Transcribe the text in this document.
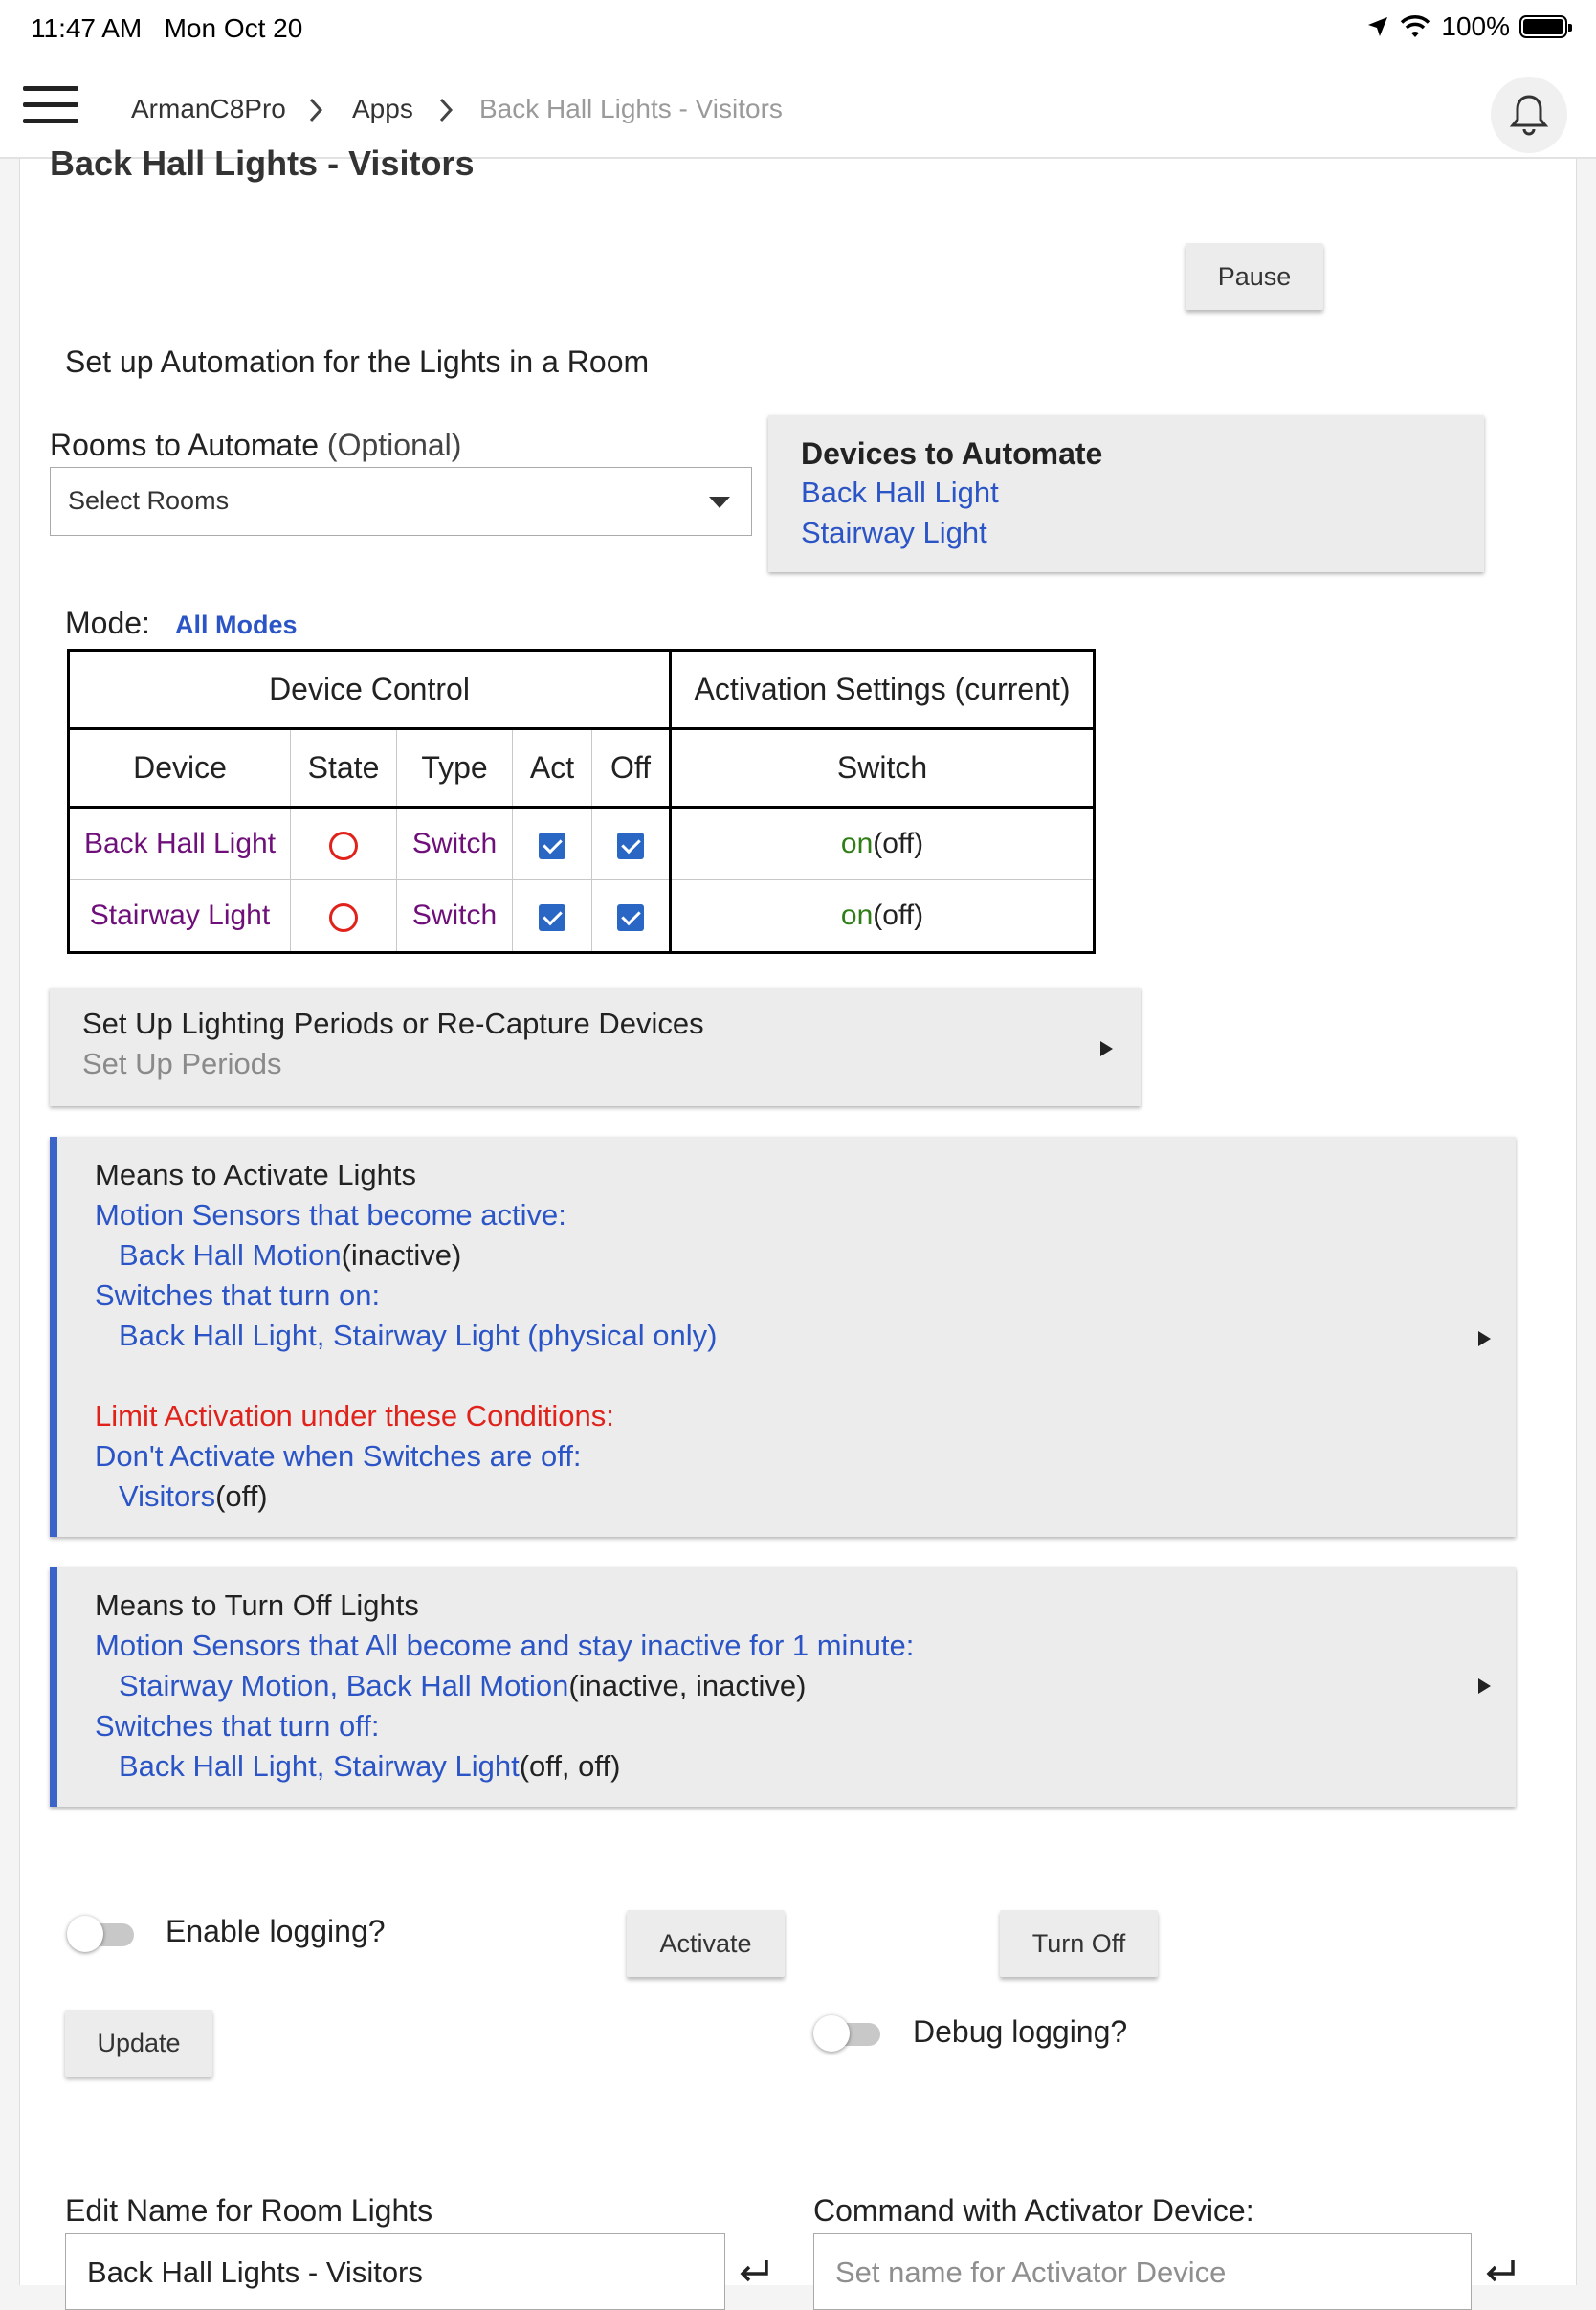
11:47 AM Mon Oct 20	100%
ArmanC8Pro Apps Back Hall Lights - Visitors
Back Hall Lights - Visitors
Pause
Set up Automation for the Lights in a Room
Rooms to Automate (Optional)
Select Rooms
Devices to Automate
Back Hall Light
Stairway Light
Mode: All Modes
Device Control					Activation Settings (current)
Device	State	Type	Act	Off	Switch
Back Hall Light		Switch			on(off)
Stairway Light		Switch			on(off)
Set Up Lighting Periods or Re-Capture Devices
Set Up Periods
Means to Activate Lights
Motion Sensors that become active:
Back Hall Motion(inactive)
Switches that turn on:
Back Hall Light, Stairway Light (physical only)
Limit Activation under these Conditions:
Don't Activate when Switches are off:
Visitors(off)
Means to Turn Off Lights
Motion Sensors that All become and stay inactive for 1 minute:
Stairway Motion, Back Hall Motion(inactive, inactive)
Switches that turn off:
Back Hall Light, Stairway Light(off, off)
Enable logging?	Activate	Turn Off
Update	Debug logging?
Edit Name for Room Lights
Back Hall Lights - Visitors
Command with Activator Device:
Set name for Activator Device
